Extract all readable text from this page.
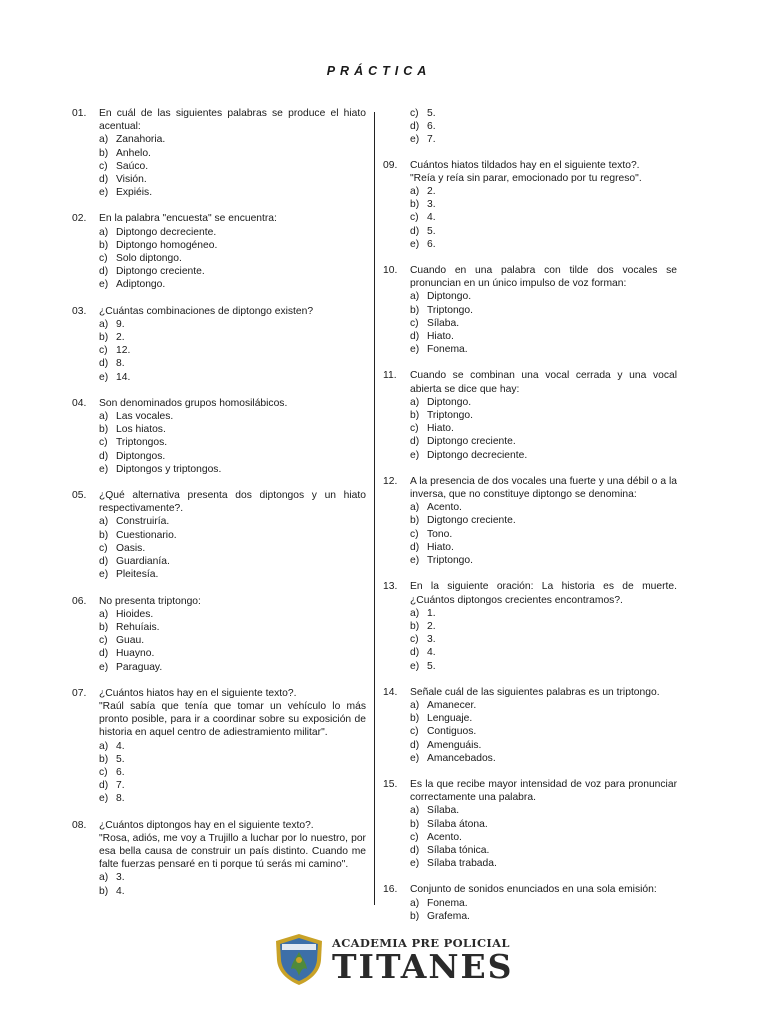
PRÁCTICA
01.	En cuál de las siguientes palabras se produce el hiato acentual:
a) Zanahoria.
b) Anhelo.
c) Saúco.
d) Visión.
e) Expiéis.
02.	En la palabra "encuesta" se encuentra:
a) Diptongo decreciente.
b) Diptongo homogéneo.
c) Solo diptongo.
d) Diptongo creciente.
e) Adiptongo.
03.	¿Cuántas combinaciones de diptongo existen?
a) 9.
b) 2.
c) 12.
d) 8.
e) 14.
04.	Son denominados grupos homosilábicos.
a) Las vocales.
b) Los hiatos.
c) Triptongos.
d) Diptongos.
e) Diptongos y triptongos.
05.	¿Qué alternativa presenta dos diptongos y un hiato respectivamente?.
a) Construiría.
b) Cuestionario.
c) Oasis.
d) Guardianía.
e) Pleitesía.
06.	No presenta triptongo:
a) Hioides.
b) Rehuíais.
c) Guau.
d) Huayno.
e) Paraguay.
07.	¿Cuántos hiatos hay en el siguiente texto?.
"Raúl sabía que tenía que tomar un vehículo lo más pronto posible, para ir a coordinar sobre su exposición de historia en aquel centro de adiestramiento militar".
a) 4.
b) 5.
c) 6.
d) 7.
e) 8.
08.	¿Cuántos diptongos hay en el siguiente texto?.
"Rosa, adiós, me voy a Trujillo a luchar por lo nuestro, por esa bella causa de construir un país distinto. Cuando me falte fuerzas pensaré en ti porque tú serás mi camino".
a) 3.
b) 4.
c) 5.
d) 6.
e) 7.
09.	Cuántos hiatos tildados hay en el siguiente texto?.
"Reía y reía sin parar, emocionado por tu regreso".
a) 2.
b) 3.
c) 4.
d) 5.
e) 6.
10.	Cuando en una palabra con tilde dos vocales se pronuncian en un único impulso de voz forman:
a) Diptongo.
b) Triptongo.
c) Sílaba.
d) Hiato.
e) Fonema.
11.	Cuando se combinan una vocal cerrada y una vocal abierta se dice que hay:
a) Diptongo.
b) Triptongo.
c) Hiato.
d) Diptongo creciente.
e) Diptongo decreciente.
12.	A la presencia de dos vocales una fuerte y una débil o a la inversa, que no constituye diptongo se denomina:
a) Acento.
b) Digtongo creciente.
c) Tono.
d) Hiato.
e) Triptongo.
13.	En la siguiente oración: La historia es de muerte. ¿Cuántos diptongos crecientes encontramos?.
a) 1.
b) 2.
c) 3.
d) 4.
e) 5.
14.	Señale cuál de las siguientes palabras es un triptongo.
a) Amanecer.
b) Lenguaje.
c) Contiguos.
d) Amenguáis.
e) Amancebados.
15.	Es la que recibe mayor intensidad de voz para pronunciar correctamente una palabra.
a) Sílaba.
b) Sílaba átona.
c) Acento.
d) Sílaba tónica.
e) Sílaba trabada.
16.	Conjunto de sonidos enunciados en una sola emisión:
a) Fonema.
b) Grafema.
ACADEMIA PRE POLICIAL
TITANES
